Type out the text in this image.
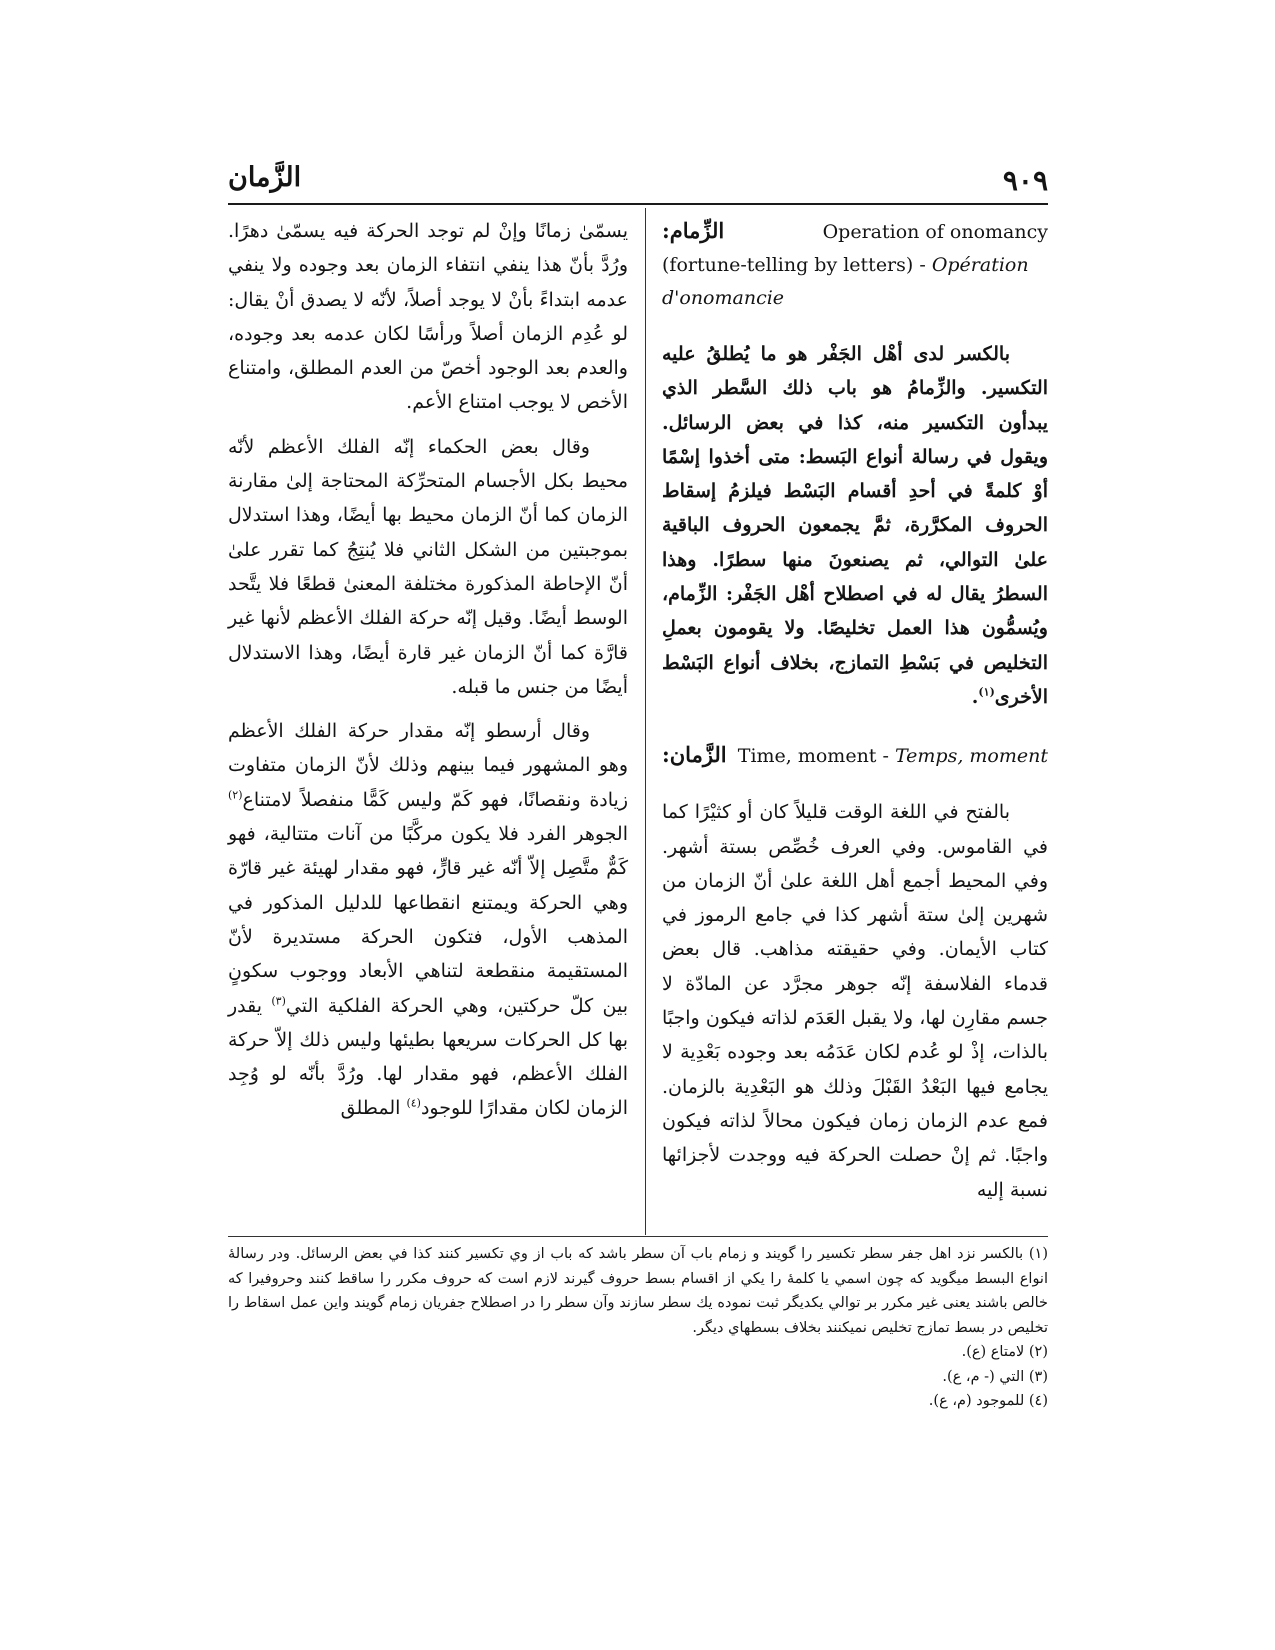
الزَّمان	٩٠٩
الزِّمام:	Operation of onomancy
(fortune-telling by letters) - Opération d'onomancie

بالكسر لدى أهْل الجَفْر هو ما يُطلقُ عليه التكسير. والزِّمامُ هو باب ذلك السَّطر الذي يبدأون التكسير منه، كذا في بعض الرسائل. ويقول في رسالة أنواع البَسط: متى أخذوا إسْمًا أوْ كلمةً في أحدِ أقسام البَسْط فيلزمُ إسقاط الحروف المكرَّرة، ثمَّ يجمعون الحروف الباقية علىٰ التوالي، ثم يصنعونَ منها سطرًا. وهذا السطرُ يقال له في اصطلاح أهْل الجَفْر: الزِّمام، ويُسمُّون هذا العمل تخليصًا. ولا يقومون بعملِ التخليص في بَسْطِ التمازج، بخلاف أنواع البَسْط الأخرى$^{(١)}$.

الزَّمان: Time, moment - Temps, moment

بالفتح في اللغة الوقت قليلاً كان أو كثيْرًا كما في القاموس. وفي العرف خُصِّص بستة أشهر. وفي المحيط أجمع أهل اللغة علىٰ أنّ الزمان من شهرين إلىٰ ستة أشهر كذا في جامع الرموز في كتاب الأيمان. وفي حقيقته مذاهب. قال بعض قدماء الفلاسفة إنّه جوهر مجرَّد عن المادّة لا جسم مقارِن لها، ولا يقبل العَدَم لذاته فيكون واجبًا بالذات، إذْ لو عُدم لكان عَدَمُه بعد وجوده بَعْدِية لا يجامع فيها البَعْدُ القَبْلَ وذلك هو البَعْدِية بالزمان. فمع عدم الزمان زمان فيكون محالاً لذاته فيكون واجبًا. ثم إنْ حصلت الحركة فيه ووجدت لأجزائها نسبة إليه

يسمّىٰ زمانًا وإنْ لم توجد الحركة فيه يسمّىٰ دهرًا. ورُدَّ بأنّ هذا ينفي انتفاء الزمان بعد وجوده ولا ينفي عدمه ابتداءً بأنْ لا يوجد أصلاً، لأنّه لا يصدق أنْ يقال: لو عُدِم الزمان أصلاً ورأسًا لكان عدمه بعد وجوده، والعدم بعد الوجود أخصّ من العدم المطلق، وامتناع الأخص لا يوجب امتناع الأعم.

وقال بعض الحكماء إنّه الفلك الأعظم لأنّه محيط بكل الأجسام المتحرِّكة المحتاجة إلىٰ مقارنة الزمان كما أنّ الزمان محيط بها أيضًا، وهذا استدلال بموجبتين من الشكل الثاني فلا يُنتِجُ كما تقرر علىٰ أنّ الإحاطة المذكورة مختلفة المعنىٰ قطعًا فلا يتَّحد الوسط أيضًا. وقيل إنّه حركة الفلك الأعظم لأنها غير قارَّة كما أنّ الزمان غير قارة أيضًا، وهذا الاستدلال أيضًا من جنس ما قبله.

وقال أرسطو إنّه مقدار حركة الفلك الأعظم وهو المشهور فيما بينهم وذلك لأنّ الزمان متفاوت زيادة ونقصانًا، فهو كَمّ وليس كَمًّا منفصلاً لامتناع$^{(٢)}$ الجوهر الفرد فلا يكون مركَّبًا من آنات متتالية، فهو كَمٌّ متَّصِل إلاّ أنّه غير قارٍّ، فهو مقدار لهيئة غير قارّة وهي الحركة ويمتنع انقطاعها للدليل المذكور في المذهب الأول، فتكون الحركة مستديرة لأنّ المستقيمة منقطعة لتناهي الأبعاد ووجوب سكونٍ بين كلّ حركتين، وهي الحركة الفلكية التي$^{(٣)}$ يقدر بها كل الحركات سريعها بطيئها وليس ذلك إلاّ حركة الفلك الأعظم، فهو مقدار لها. ورُدَّ بأنّه لو وُجِد الزمان لكان مقدارًا للوجود$^{(٤)}$ المطلق

(١) بالكسر نزد اهل جفر سطر تكسير را گويند و زمام باب آن سطر باشد كه باب از وي تكسير كنند كذا في بعض الرسائل. ودر رسالهٔ انواع البسط ميگويد كه چون اسمي يا كلمهٔ را يكي از اقسام بسط حروف گيرند لازم است كه حروف مكرر را ساقط كنند وحروفيرا كه خالص باشند يعنى غير مكرر بر توالي يكديگر ثبت نموده يك سطر سازند وآن سطر را در اصطلاح جفريان زمام گويند واين عمل اسقاط را تخليص در بسط تمازج تخليص نميكنند بخلاف بسطهاي ديگر.

(٢) لامتاع (ع).

(٣) التي (- م، ع).

(٤) للموجود (م، ع).
